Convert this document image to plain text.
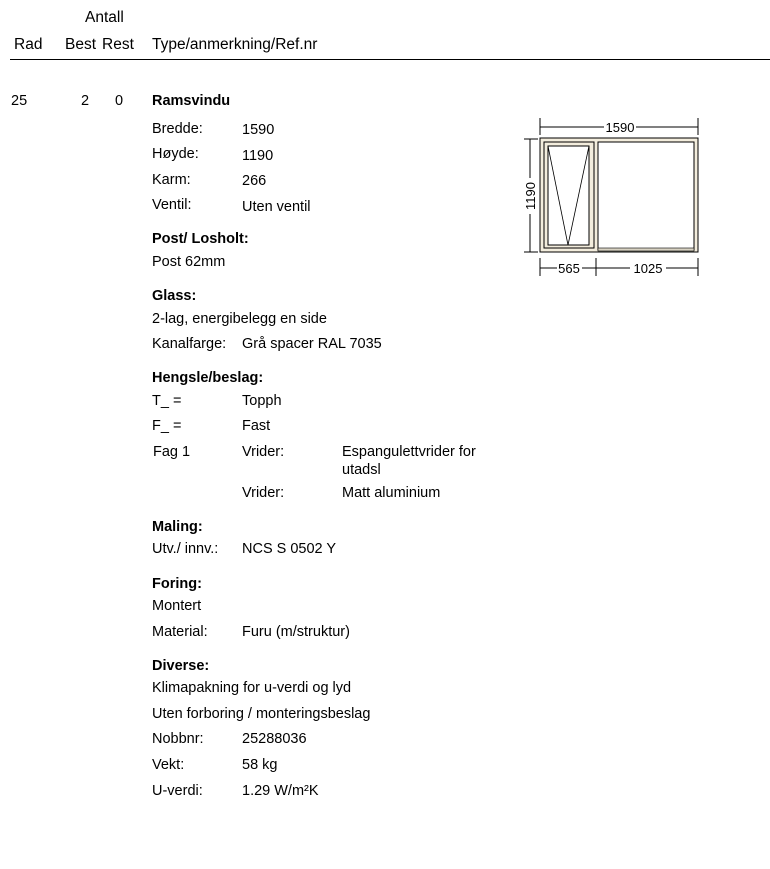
Antall
Rad Best Rest Type/anmerkning/Ref.nr
25	2 0 Ramsvindu
Bredde:	1590
Høyde:	1190
Karm:	266
Ventil:	Uten ventil
Post/ Losholt:
Post 62mm
Glass:
2-lag, energibelegg en side
Kanalfarge: Grå spacer RAL 7035
Hengsle/beslag:
T_ =	Topph
F_ =	Fast
Fag 1	Vrider:	Espangulettvrider for
utadsl
Vrider:	Matt aluminium
Maling:
Utv./ innv.: NCS S 0502 Y
Foring:
Montert
Material: Furu (m/struktur)
Diverse:
Klimapakning for u-verdi og lyd
Uten forboring / monteringsbeslag
Nobbnr:	25288036
Vekt:	58 kg
U-verdi:	1.29 W/m²K
1590
1190
565	1025
